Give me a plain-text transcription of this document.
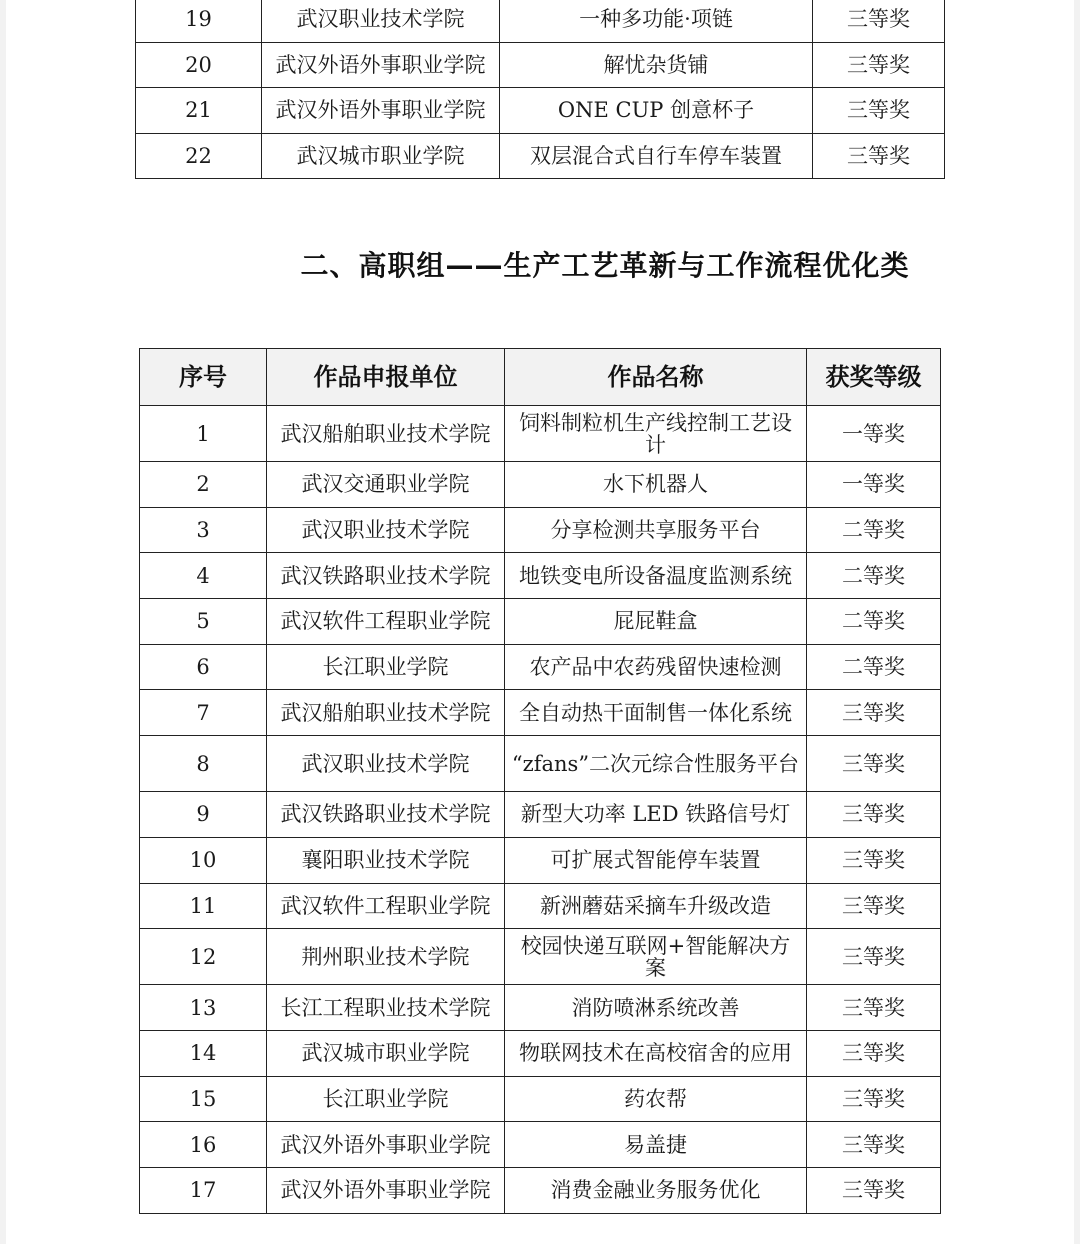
19	武汉职业技术学院	一种多功能·项链	三等奖
20	武汉外语外事职业学院	解忧杂货铺	三等奖
21	武汉外语外事职业学院	ONE CUP 创意杯子	三等奖
22	武汉城市职业学院	双层混合式自行车停车装置	三等奖
二、高职组——生产工艺革新与工作流程优化类
序号	作品申报单位	作品名称	获奖等级
1	武汉船舶职业技术学院	饲料制粒机生产线控制工艺设计	一等奖
2	武汉交通职业学院	水下机器人	一等奖
3	武汉职业技术学院	分享检测共享服务平台	二等奖
4	武汉铁路职业技术学院	地铁变电所设备温度监测系统	二等奖
5	武汉软件工程职业学院	屁屁鞋盒	二等奖
6	长江职业学院	农产品中农药残留快速检测	二等奖
7	武汉船舶职业技术学院	全自动热干面制售一体化系统	三等奖
8	武汉职业技术学院	“zfans”二次元综合性服务平台	三等奖
9	武汉铁路职业技术学院	新型大功率 LED 铁路信号灯	三等奖
10	襄阳职业技术学院	可扩展式智能停车装置	三等奖
11	武汉软件工程职业学院	新洲蘑菇采摘车升级改造	三等奖
12	荆州职业技术学院	校园快递互联网+智能解决方案	三等奖
13	长江工程职业技术学院	消防喷淋系统改善	三等奖
14	武汉城市职业学院	物联网技术在高校宿舍的应用	三等奖
15	长江职业学院	药农帮	三等奖
16	武汉外语外事职业学院	易盖捷	三等奖
17	武汉外语外事职业学院	消费金融业务服务优化	三等奖
